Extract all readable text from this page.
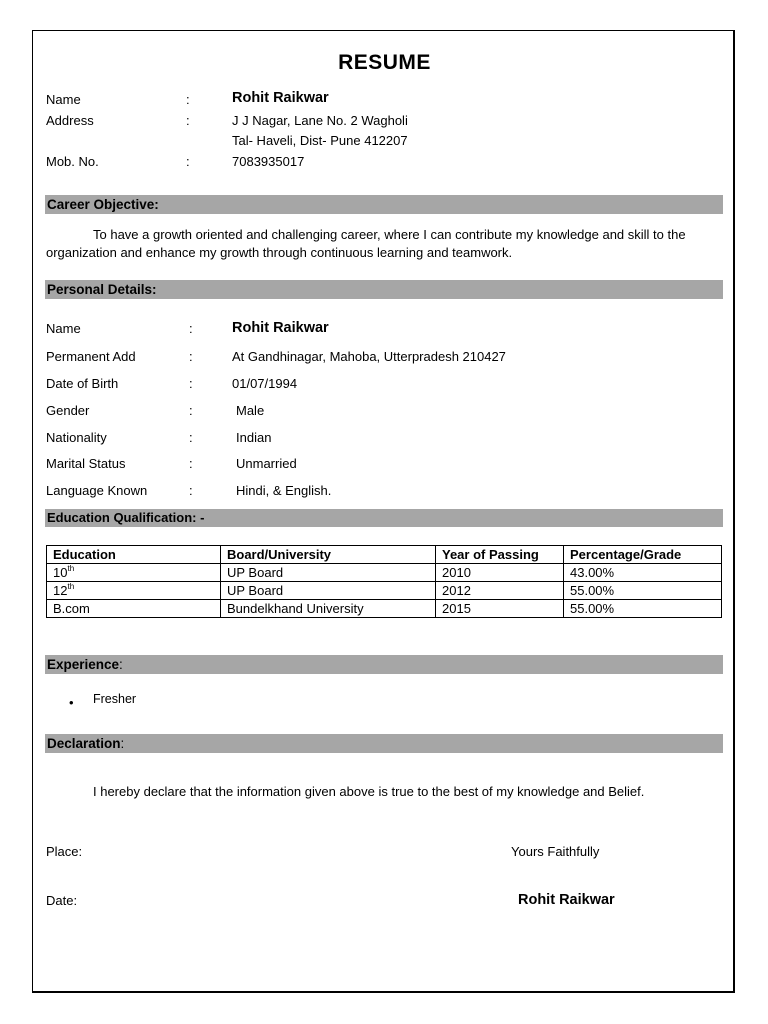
RESUME
Name	:	Rohit Raikwar
Address	:	J J Nagar, Lane No. 2 Wagholi
Tal- Haveli, Dist- Pune 412207
Mob. No.	:	7083935017
Career Objective:
To have a growth oriented and challenging career, where I can contribute my knowledge and skill to the organization and enhance my growth through continuous learning and teamwork.
Personal Details:
Name	:	Rohit Raikwar
Permanent Add	:	At Gandhinagar, Mahoba, Utterpradesh 210427
Date of Birth	:	01/07/1994
Gender	:	Male
Nationality	:	Indian
Marital Status	:	Unmarried
Language Known	:	Hindi, & English.
Education Qualification: -
Education	Board/University	Year of Passing	Percentage/Grade
10th	UP Board	2010	43.00%
12th	UP Board	2012	55.00%
B.com	Bundelkhand University	2015	55.00%
Experience:
• Fresher
Declaration:
I hereby declare that the information given above is true to the best of my knowledge and Belief.
Place:	Yours Faithfully
Date:	Rohit Raikwar
